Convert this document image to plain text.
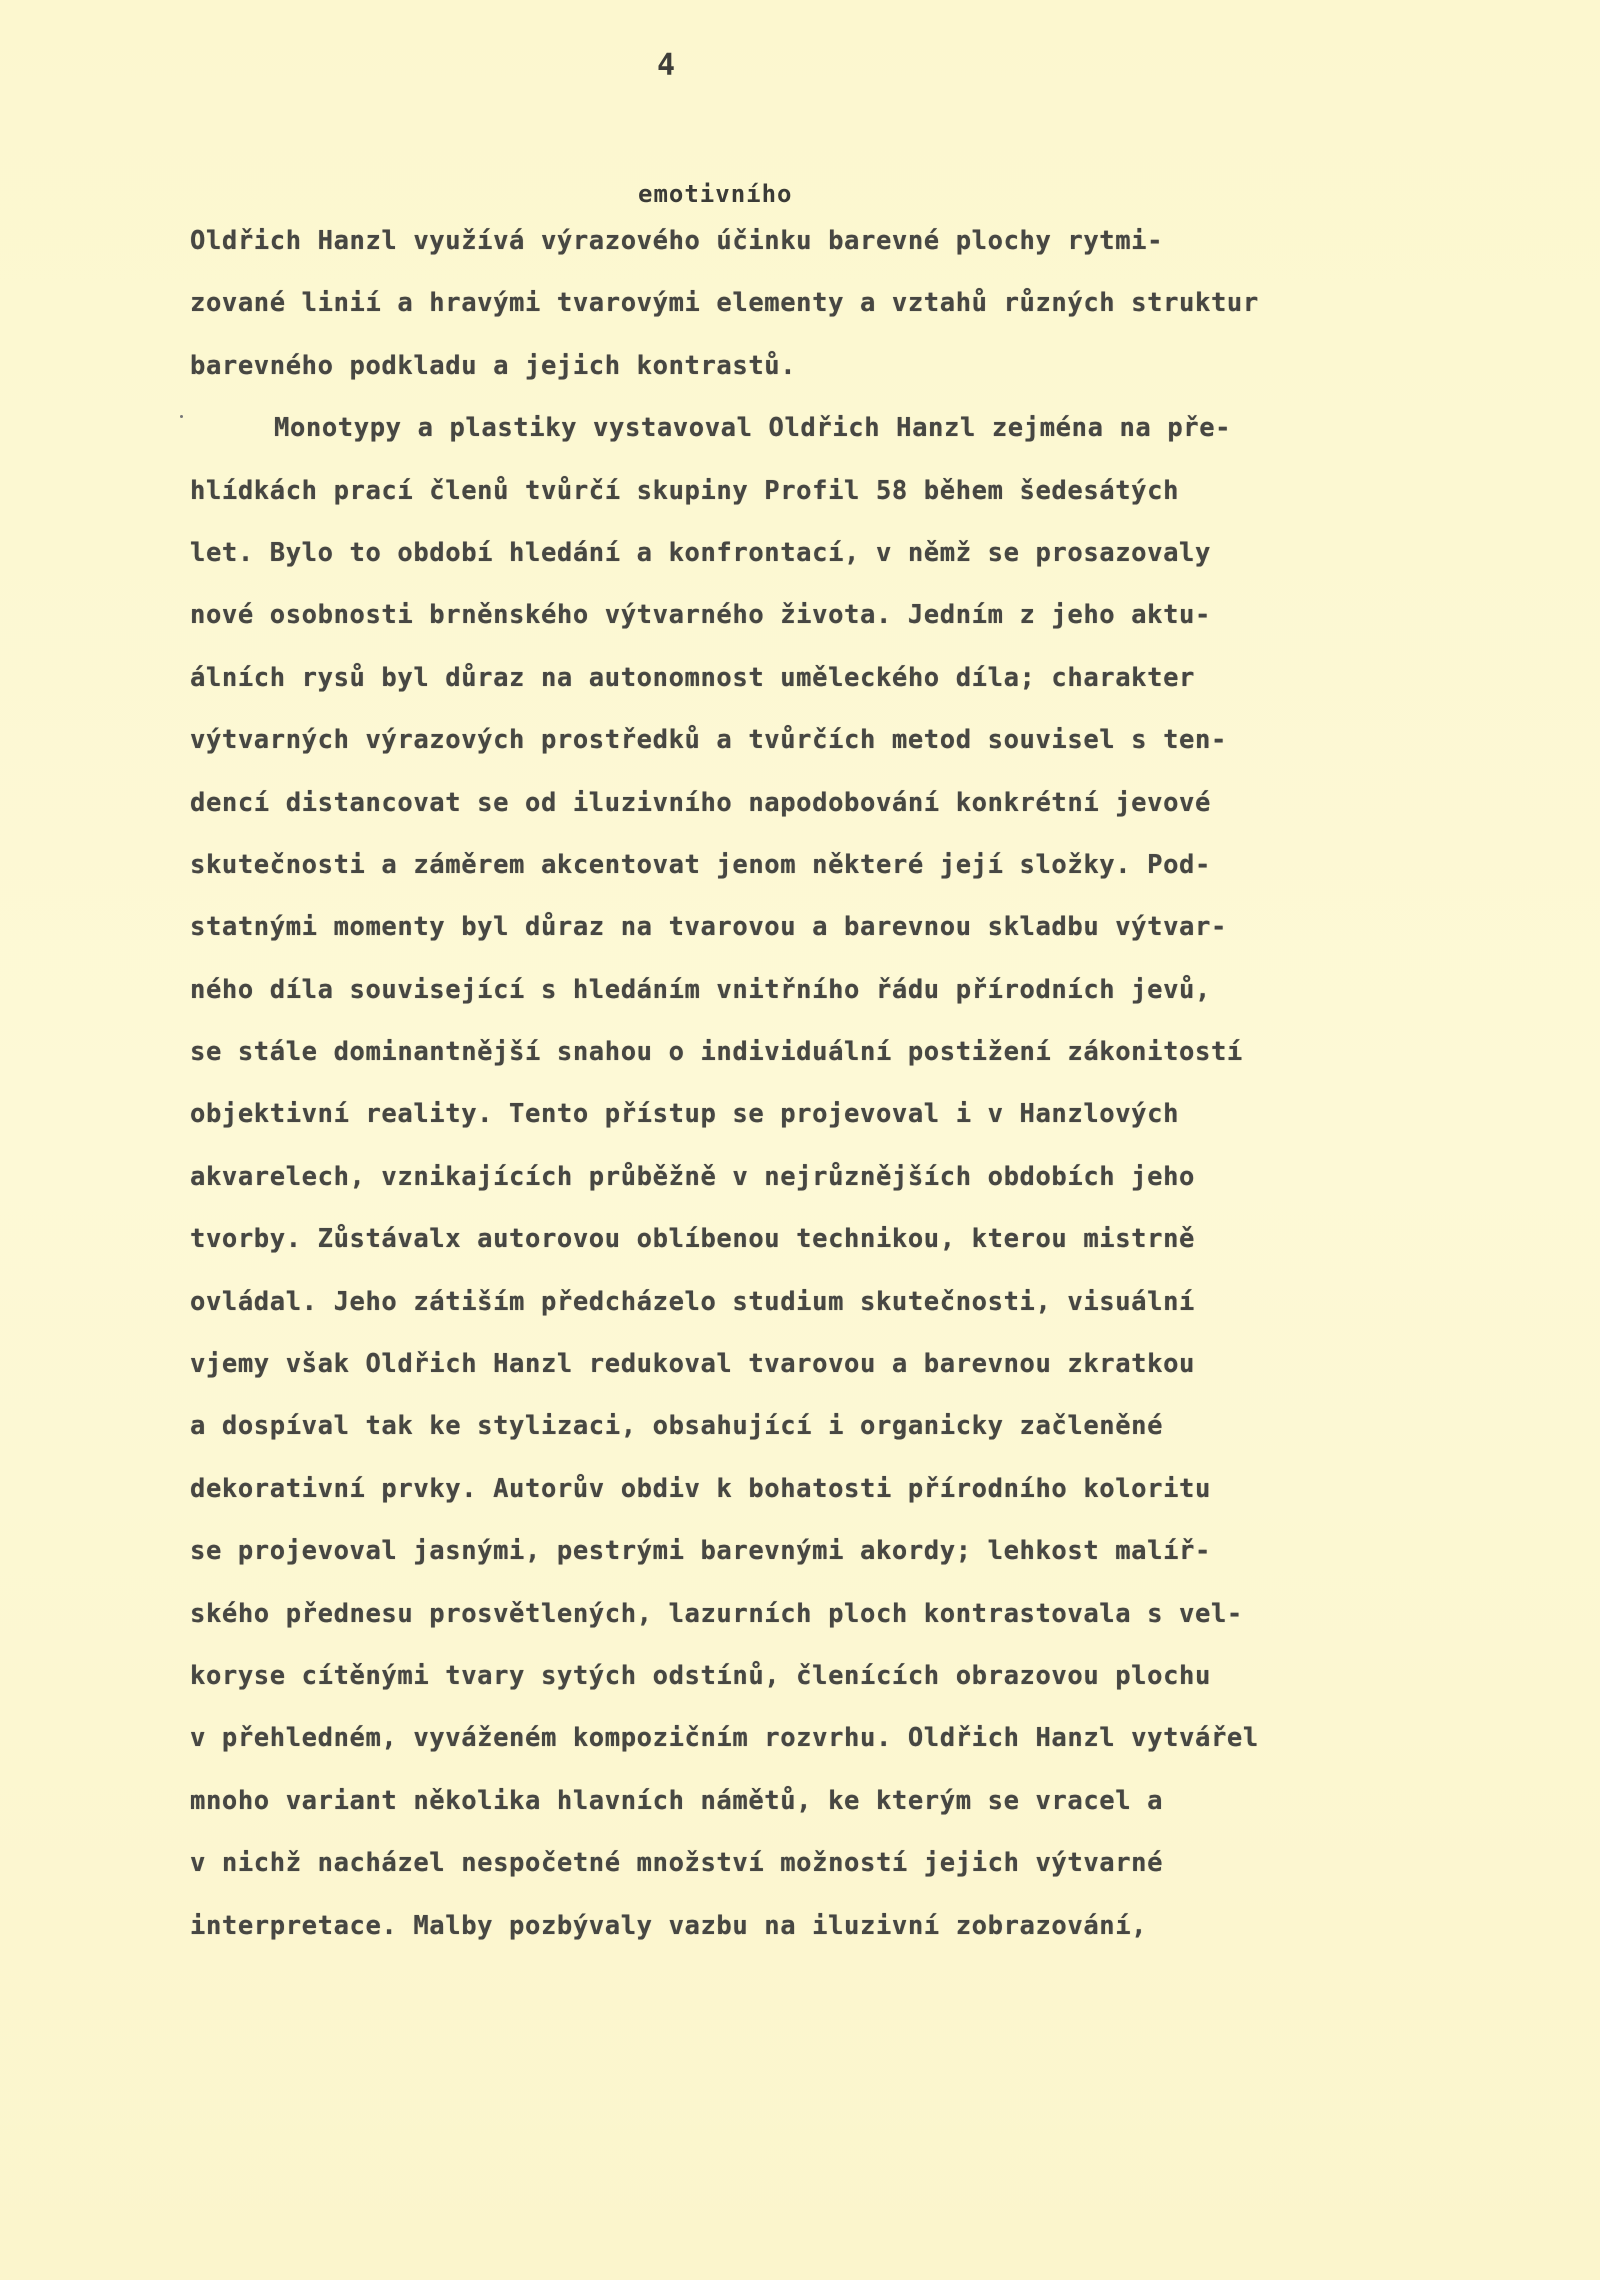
4
emotivního
Oldřich Hanzl využívá výrazového účinku barevné plochy rytmi-
zované linií a hravými tvarovými elementy a vztahů různých struktur
barevného podkladu a jejich kontrastů.
Monotypy a plastiky vystavoval Oldřich Hanzl zejména na pře-
hlídkách prací členů tvůrčí skupiny Profil 58 během šedesátých
let. Bylo to období hledání a konfrontací, v němž se prosazovaly
nové osobnosti brněnského výtvarného života. Jedním z jeho aktu-
álních rysů byl důraz na autonomnost uměleckého díla; charakter
výtvarných výrazových prostředků a tvůrčích metod souvisel s ten-
dencí distancovat se od iluzivního napodobování konkrétní jevové
skutečnosti a záměrem akcentovat jenom některé její složky. Pod-
statnými momenty byl důraz na tvarovou a barevnou skladbu výtvar-
ného díla související s hledáním vnitřního řádu přírodních jevů,
se stále dominantnější snahou o individuální postižení zákonitostí
objektivní reality. Tento přístup se projevoval i v Hanzlových
akvarelech, vznikajících průběžně v nejrůznějších obdobích jeho
tvorby. Zůstávalx autorovou oblíbenou technikou, kterou mistrně
ovládal. Jeho zátiším předcházelo studium skutečnosti, visuální
vjemy však Oldřich Hanzl redukoval tvarovou a barevnou zkratkou
a dospíval tak ke stylizaci, obsahující i organicky začleněné
dekorativní prvky. Autorův obdiv k bohatosti přírodního koloritu
se projevoval jasnými, pestrými barevnými akordy; lehkost malíř-
ského přednesu prosvětlených, lazurních ploch kontrastovala s vel-
koryse cítěnými tvary sytých odstínů, členících obrazovou plochu
v přehledném, vyváženém kompozičním rozvrhu. Oldřich Hanzl vytvářel
mnoho variant několika hlavních námětů, ke kterým se vracel a
v nichž nacházel nespočetné množství možností jejich výtvarné
interpretace. Malby pozbývaly vazbu na iluzivní zobrazování,
